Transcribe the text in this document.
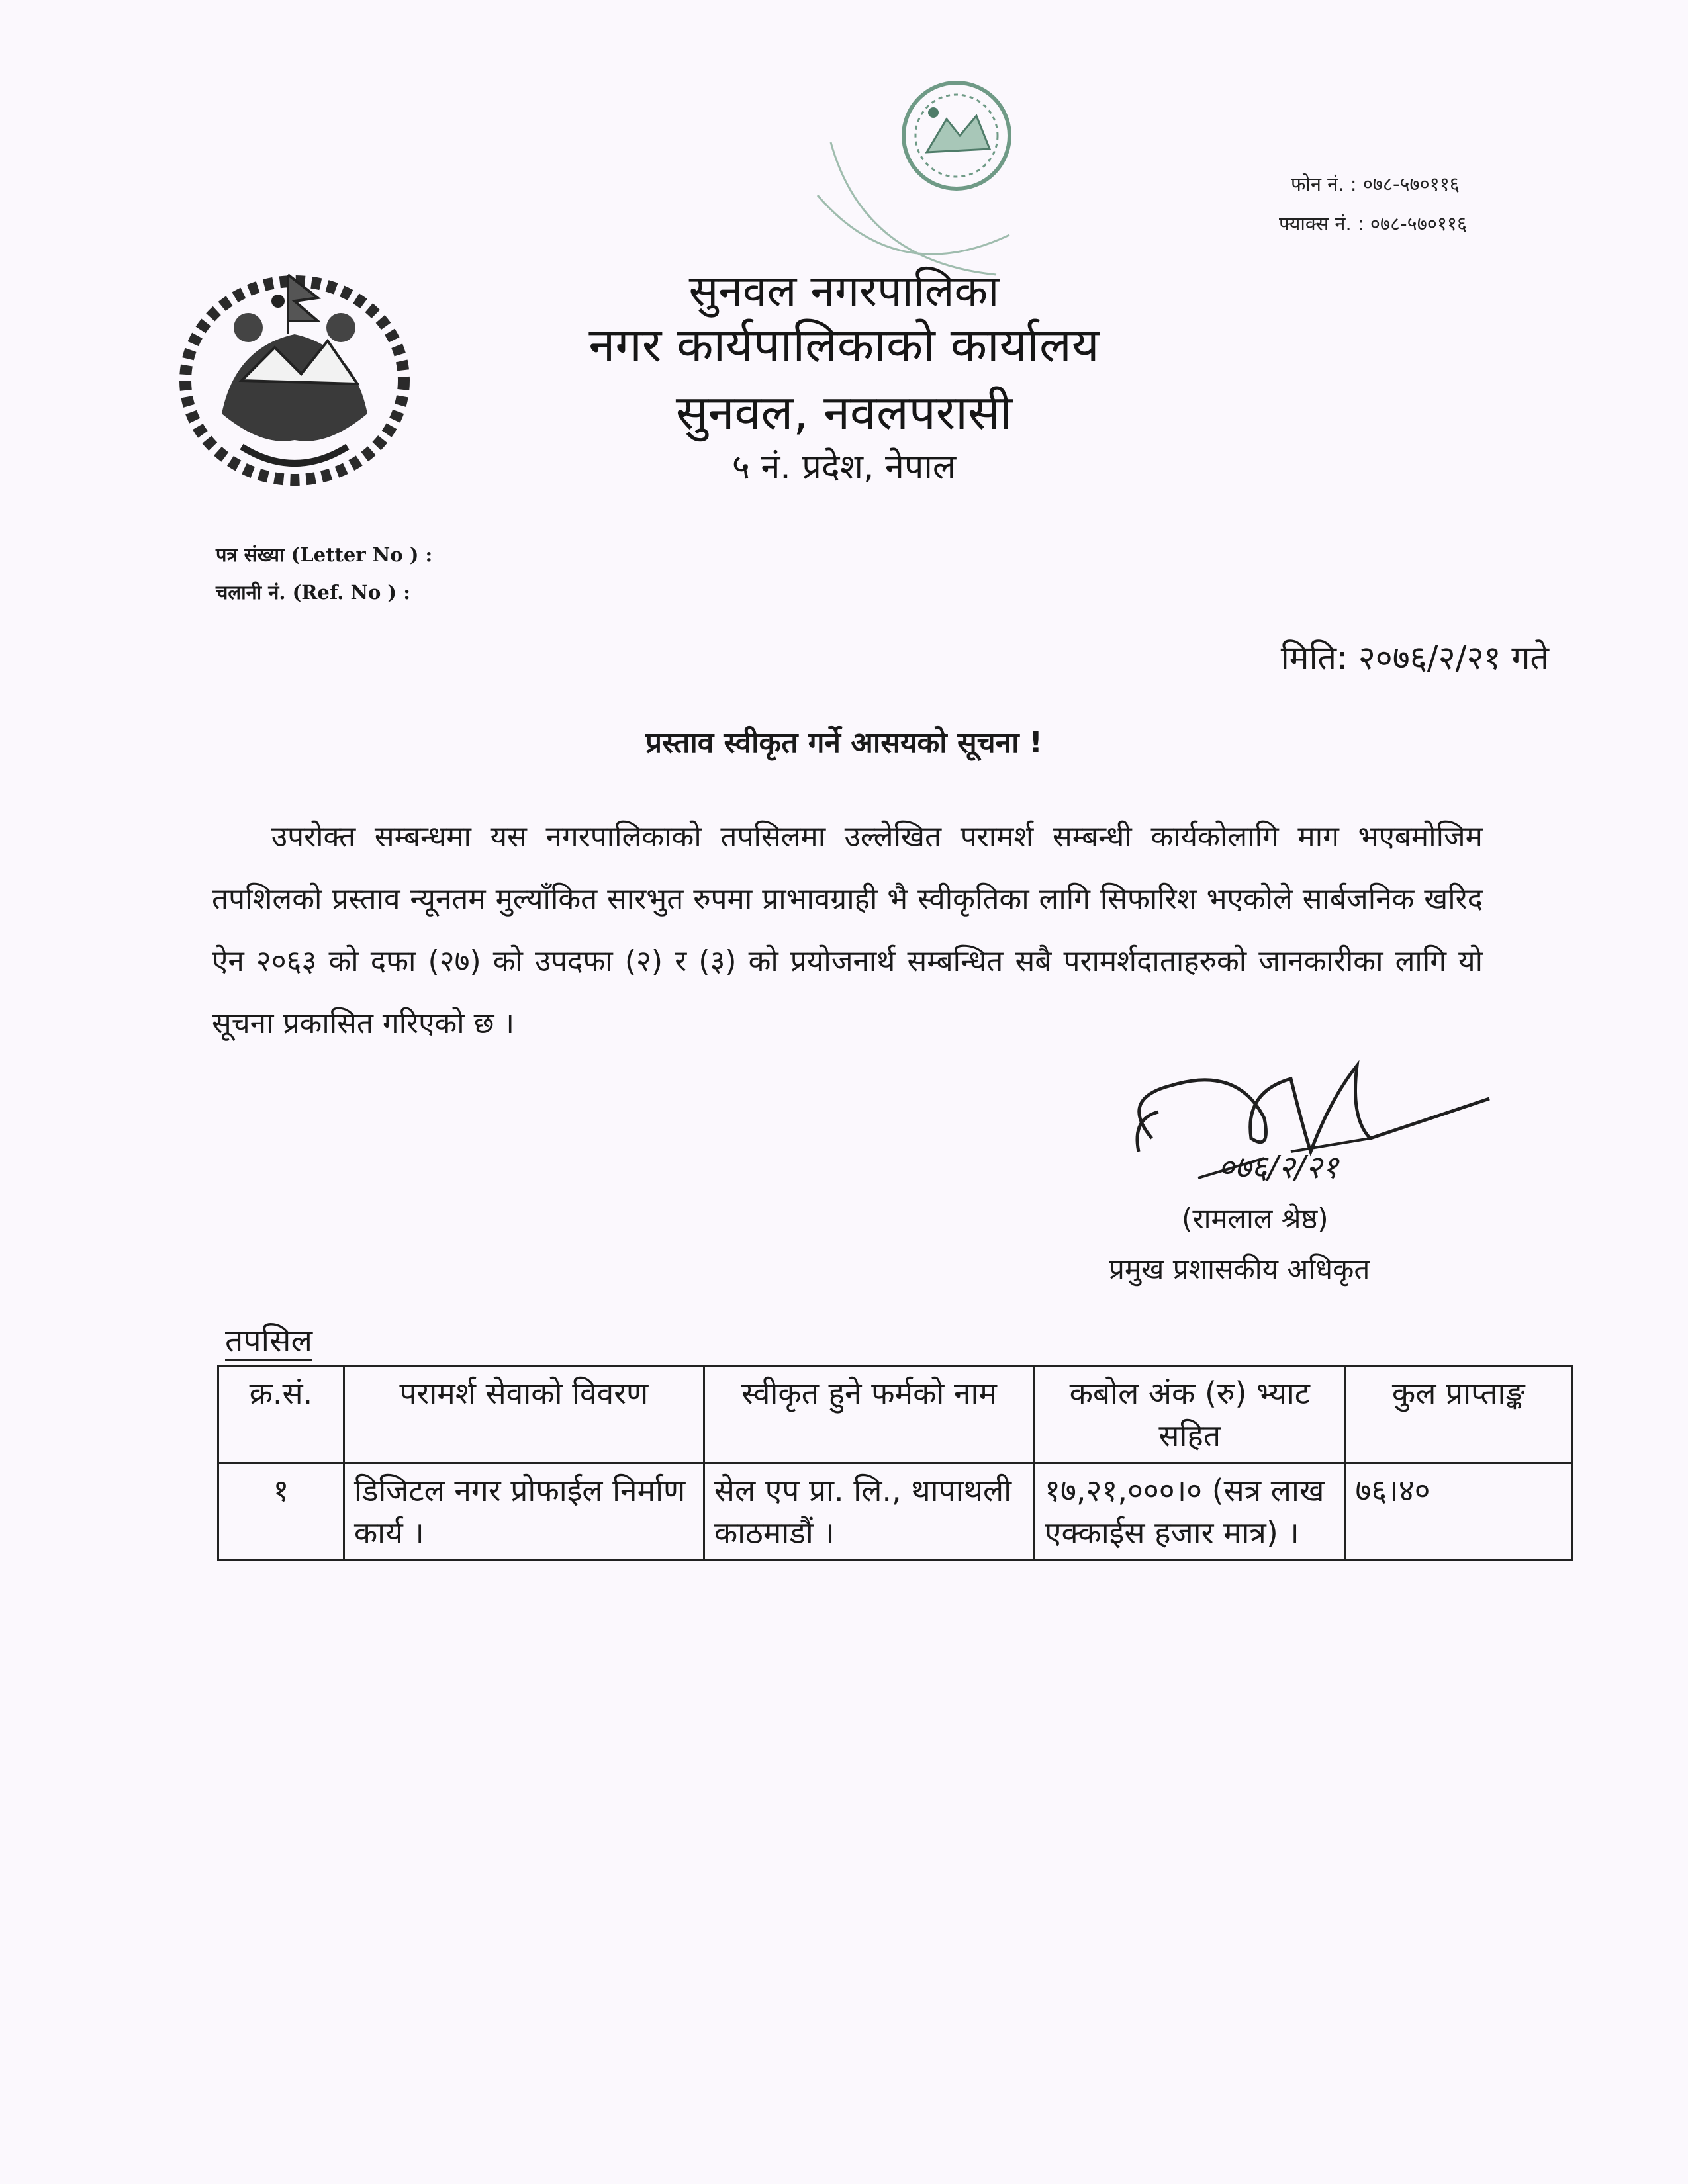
फोन नं. : ०७८-५७०११६
फ्याक्स नं. : ०७८-५७०११६
सुनवल नगरपालिका
नगर कार्यपालिकाको कार्यालय
सुनवल, नवलपरासी
५ नं. प्रदेश, नेपाल
पत्र संख्या (Letter No ) :
चलानी नं. (Ref. No ) :
मिति: २०७६/२/२१ गते
प्रस्ताव स्वीकृत गर्ने आसयको सूचना !
उपरोक्त सम्बन्धमा यस नगरपालिकाको तपसिलमा उल्लेखित परामर्श सम्बन्धी कार्यकोलागि माग भएबमोजिम तपशिलको प्रस्ताव न्यूनतम मुल्याँकित सारभुत रुपमा प्राभावग्राही भै स्वीकृतिका लागि सिफारिश भएकोले सार्बजनिक खरिद ऐन २०६३ को दफा (२७) को उपदफा (२) र (३) को प्रयोजनार्थ सम्बन्धित सबै परामर्शदाताहरुको जानकारीका लागि यो सूचना प्रकासित गरिएको छ ।
०७६/२/२१
(रामलाल श्रेष्ठ)
प्रमुख प्रशासकीय अधिकृत
तपसिल
क्र.सं.	परामर्श सेवाको विवरण	स्वीकृत हुने फर्मको नाम	कबोल अंक (रु) भ्याट सहित	कुल प्राप्ताङ्क
१	डिजिटल नगर प्रोफाईल निर्माण कार्य ।	सेल एप प्रा. लि., थापाथली काठमाडौं ।	१७,२१,०००।० (सत्र लाख एक्काईस हजार मात्र) ।	७६।४०
